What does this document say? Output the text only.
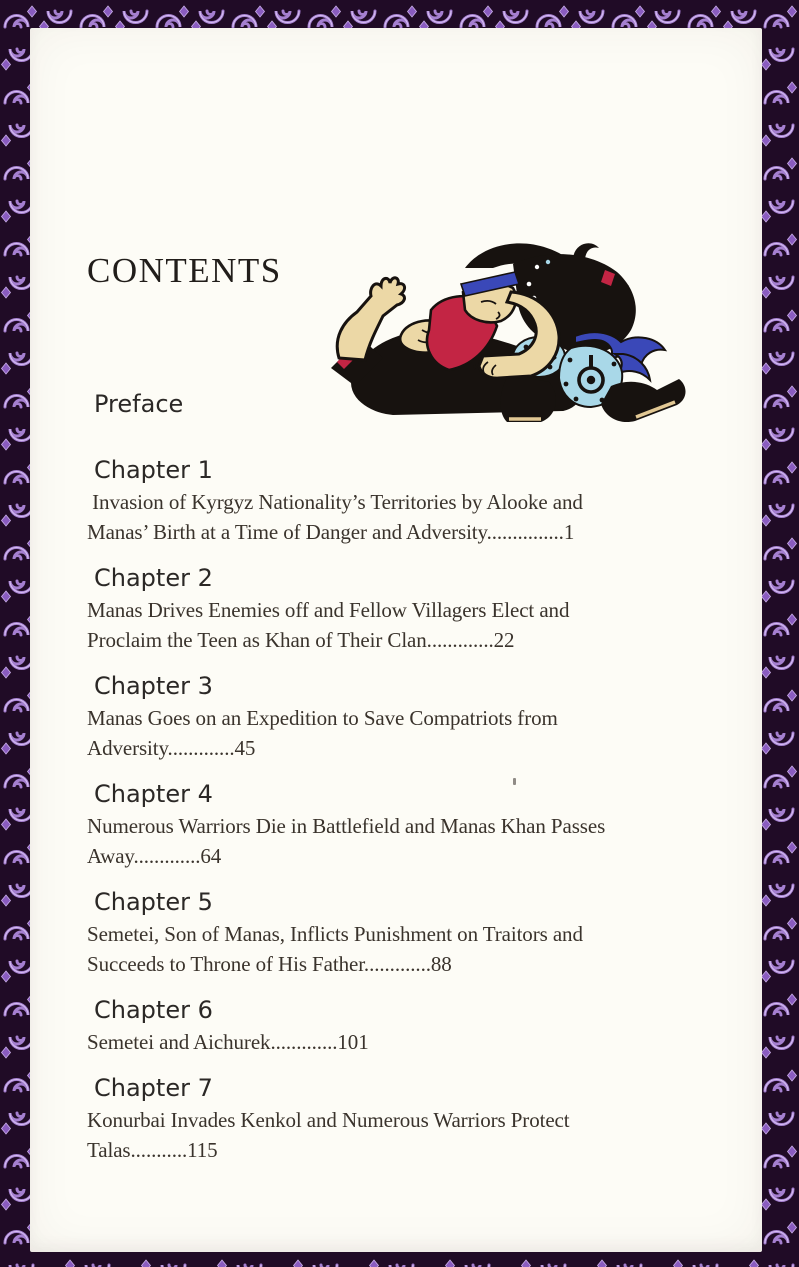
CONTENTS
Preface
Chapter 1
Invasion of Kyrgyz Nationality’s Territories by Alooke and
Manas’ Birth at a Time of Danger and Adversity...............1
Chapter 2
Manas Drives Enemies off and Fellow Villagers Elect and
Proclaim the Teen as Khan of Their Clan.............22
Chapter 3
Manas Goes on an Expedition to Save Compatriots from
Adversity.............45
Chapter 4
Numerous Warriors Die in Battlefield and Manas Khan Passes
Away.............64
Chapter 5
Semetei, Son of Manas, Inflicts Punishment on Traitors and
Succeeds to Throne of His Father.............88
Chapter 6
Semetei and Aichurek.............101
Chapter 7
Konurbai Invades Kenkol and Numerous Warriors Protect
Talas...........115
